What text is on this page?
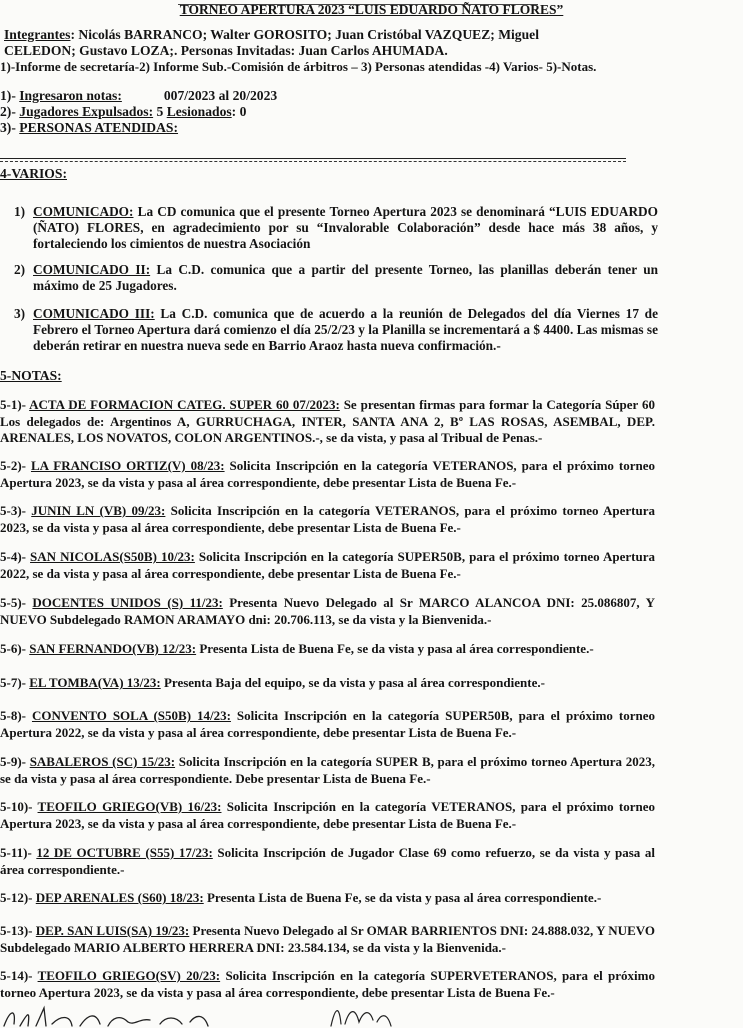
TORNEO APERTURA 2023 “LUIS EDUARDO ÑATO FLORES”
Integrantes: Nicolás BARRANCO; Walter GOROSITO; Juan Cristóbal VAZQUEZ; Miguel
CELEDON; Gustavo LOZA;. Personas Invitadas: Juan Carlos AHUMADA.
1)-Informe de secretaría-2) Informe Sub.-Comisión de árbitros – 3) Personas atendidas -4) Varios- 5)-Notas.
1)- Ingresaron notas:	007/2023 al 20/2023
2)- Jugadores Expulsados: 5 Lesionados: 0
3)- PERSONAS ATENDIDAS:
4-VARIOS:
1) COMUNICADO: La CD comunica que el presente Torneo Apertura 2023 se denominará “LUIS EDUARDO (ÑATO) FLORES, en agradecimiento por su “Invalorable Colaboración” desde hace más 38 años, y fortaleciendo los cimientos de nuestra Asociación
2) COMUNICADO II: La C.D. comunica que a partir del presente Torneo, las planillas deberán tener un máximo de 25 Jugadores.
3) COMUNICADO III: La C.D. comunica que de acuerdo a la reunión de Delegados del día Viernes 17 de Febrero el Torneo Apertura dará comienzo el día 25/2/23 y la Planilla se incrementará a $ 4400. Las mismas se deberán retirar en nuestra nueva sede en Barrio Araoz hasta nueva confirmación.-
5-NOTAS:
5-1)- ACTA DE FORMACION CATEG. SUPER 60 07/2023: Se presentan firmas para formar la Categoría Súper 60 Los delegados de: Argentinos A, GURRUCHAGA, INTER, SANTA ANA 2, Bº LAS ROSAS, ASEMBAL, DEP. ARENALES, LOS NOVATOS, COLON ARGENTINOS.-, se da vista, y pasa al Tribual de Penas.-
5-2)- LA FRANCISO ORTIZ(V) 08/23: Solicita Inscripción en la categoría VETERANOS, para el próximo torneo Apertura 2023, se da vista y pasa al área correspondiente, debe presentar Lista de Buena Fe.-
5-3)- JUNIN LN (VB) 09/23: Solicita Inscripción en la categoría VETERANOS, para el próximo torneo Apertura 2023, se da vista y pasa al área correspondiente, debe presentar Lista de Buena Fe.-
5-4)- SAN NICOLAS(S50B) 10/23: Solicita Inscripción en la categoría SUPER50B, para el próximo torneo Apertura 2022, se da vista y pasa al área correspondiente, debe presentar Lista de Buena Fe.-
5-5)- DOCENTES UNIDOS (S) 11/23: Presenta Nuevo Delegado al Sr MARCO ALANCOA DNI: 25.086807, Y NUEVO Subdelegado RAMON ARAMAYO dni: 20.706.113, se da vista y la Bienvenida.-
5-6)- SAN FERNANDO(VB) 12/23: Presenta Lista de Buena Fe, se da vista y pasa al área correspondiente.-
5-7)- EL TOMBA(VA) 13/23: Presenta Baja del equipo, se da vista y pasa al área correspondiente.-
5-8)- CONVENTO SOLA (S50B) 14/23: Solicita Inscripción en la categoría SUPER50B, para el próximo torneo Apertura 2022, se da vista y pasa al área correspondiente, debe presentar Lista de Buena Fe.-
5-9)- SABALEROS (SC) 15/23: Solicita Inscripción en la categoría SUPER B, para el próximo torneo Apertura 2023, se da vista y pasa al área correspondiente. Debe presentar Lista de Buena Fe.-
5-10)- TEOFILO GRIEGO(VB) 16/23: Solicita Inscripción en la categoría VETERANOS, para el próximo torneo Apertura 2023, se da vista y pasa al área correspondiente, debe presentar Lista de Buena Fe.-
5-11)- 12 DE OCTUBRE (S55) 17/23: Solicita Inscripción de Jugador Clase 69 como refuerzo, se da vista y pasa al área correspondiente.-
5-12)- DEP ARENALES (S60) 18/23: Presenta Lista de Buena Fe, se da vista y pasa al área correspondiente.-
5-13)- DEP. SAN LUIS(SA) 19/23: Presenta Nuevo Delegado al Sr OMAR BARRIENTOS DNI: 24.888.032, Y NUEVO Subdelegado MARIO ALBERTO HERRERA DNI: 23.584.134, se da vista y la Bienvenida.-
5-14)- TEOFILO GRIEGO(SV) 20/23: Solicita Inscripción en la categoría SUPERVETERANOS, para el próximo torneo Apertura 2023, se da vista y pasa al área correspondiente, debe presentar Lista de Buena Fe.-
